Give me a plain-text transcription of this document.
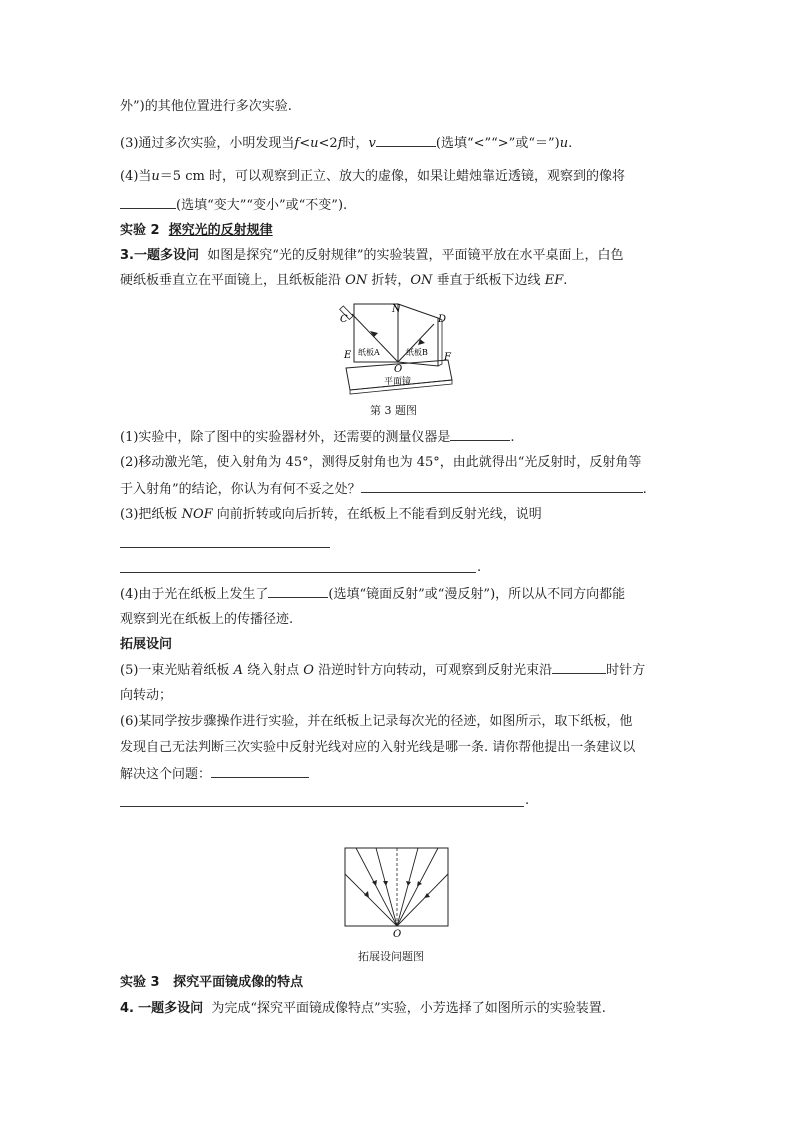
外”)的其他位置进行多次实验.
(3)通过多次实验，小明发现当f<u<2f时，v	(选填“<”“>”或“＝”)u.
(4)当u＝5 cm 时，可以观察到正立、放大的虚像，如果让蜡烛靠近透镜，观察到的像将
(选填“变大”“变小”或“不变”).
实验 2 探究光的反射规律
3.一题多设问 如图是探究“光的反射规律”的实验装置，平面镜平放在水平桌面上，白色
硬纸板垂直立在平面镜上，且纸板能沿 ON 折转，ON 垂直于纸板下边线 EF.
C
N
D
E	F
O
纸板A	纸板B
平面镜
第 3 题图
(1)实验中，除了图中的实验器材外，还需要的测量仪器是	.
(2)移动激光笔，使入射角为 45°，测得反射角也为 45°，由此就得出“光反射时，反射角等
于入射角”的结论，你认为有何不妥之处？	.
(3)把纸板 NOF 向前折转或向后折转，在纸板上不能看到反射光线，说明
.
(4)由于光在纸板上发生了	(选填“镜面反射”或“漫反射”)，所以从不同方向都能
观察到光在纸板上的传播径迹.
拓展设问
(5)一束光贴着纸板 A 绕入射点 O 沿逆时针方向转动，可观察到反射光束沿	时针方
向转动；
(6)某同学按步骤操作进行实验，并在纸板上记录每次光的径迹，如图所示，取下纸板，他
发现自己无法判断三次实验中反射光线对应的入射光线是哪一条. 请你帮他提出一条建议以
解决这个问题：
.
O
拓展设问题图
实验 3 探究平面镜成像的特点
4. 一题多设问 为完成“探究平面镜成像特点”实验，小芳选择了如图所示的实验装置.
